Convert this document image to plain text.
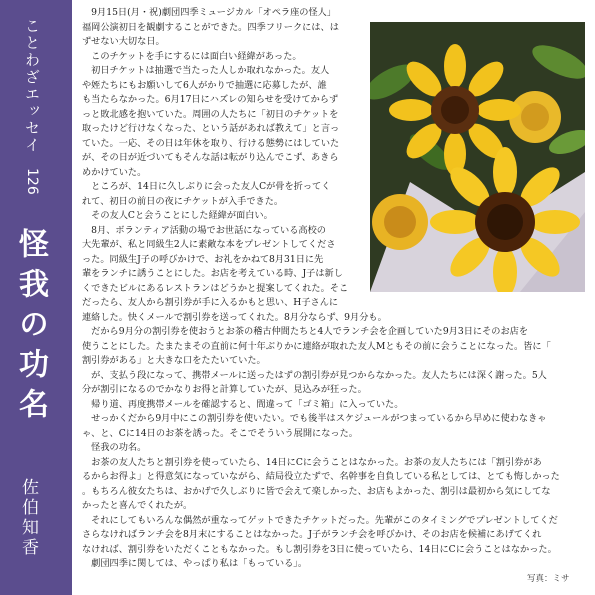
ことわざエッセイ
126
怪我の功名
佐伯知香
　9月15日(月・祝)劇団四季ミュージカル「オペラ座の怪人」
福岡公演初日を観劇することができた。四季フリークには、は
ずせない大切な日。
　このチケットを手にするには面白い経緯があった。
　初日チケットは抽選で当たった人しか取れなかった。友人
や姪たちにもお願いして6人がかりで抽選に応募したが、誰
も当たらなかった。6月17日にハズレの知らせを受けてからず
っと敗北感を抱いていた。周囲の人たちに「初日のチケットを
取ったけど行けなくなった、という話があれば教えて」と言っ
ていた。一応、その日は年休を取り、行ける態勢にはしていた
が、その日が近づいてもそんな話は転がり込んでこず、あきら
めかけていた。
　ところが、14日に久しぶりに会った友人Cが骨を折ってく
れて、初日の前日の夜にチケットが入手できた。
　その友人Cと会うことにした経緯が面白い。
　8月、ボランティア活動の場でお世話になっている高校の
大先輩が、私と同級生2人に素敵な本をプレゼントしてくださ
った。同級生J子の呼びかけで、お礼をかねて8月31日に先
輩をランチに誘うことにした。お店を考えている時、J子は新し
くできたビルにあるレストランはどうかと提案してくれた。そこ
だったら、友人から割引券が手に入るかもと思い、H子さんに
連絡した。快くメールで割引券を送ってくれた。8月分ならず、9月分も。
　だから9月分の割引券を使おうとお茶の稽古仲間たちと4人でランチ会を企画していた9月3日にそのお店を
使うことにした。たまたまその直前に何十年ぶりかに連絡が取れた友人Mともその前に会うことになった。皆に「
割引券がある」と大きな口をたたいていた。
　が、支払う段になって、携帯メールに送ったはずの割引券が見つからなかった。友人たちには深く謝った。5人
分が割引になるのでかなりお得と計算していたが、見込みが狂った。
　帰り道、再度携帯メールを確認すると、間違って「ゴミ箱」に入っていた。
　せっかくだから9月中にこの割引券を使いたい。でも後半はスケジュールがつまっているから早めに使わなきゃ
ゃ、と、Cに14日のお茶を誘った。そこでそういう展開になった。
　怪我の功名。
　お茶の友人たちと割引券を使っていたら、14日にCに会うことはなかった。お茶の友人たちには「割引券があ
るからお得よ」と得意気になっていながら、結局役立たずで、名幹事を自負している私としては、とても悔しかった
。もちろん彼女たちは、おかげで久しぶりに皆で会えて楽しかった、お店もよかった、割引は最初から気にしてな
かったと喜んでくれたが。
　それにしてもいろんな偶然が重なってゲットできたチケットだった。先輩がこのタイミングでプレゼントしてくだ
さらなければランチ会を8月末にすることはなかった。J子がランチ会を呼びかけ、そのお店を候補にあげてくれ
なければ、割引券をいただくこともなかった。もし割引券を3日に使っていたら、14日にCに会うことはなかった。
　劇団四季に関しては、やっぱり私は「もっている」。
写真：ミサ
